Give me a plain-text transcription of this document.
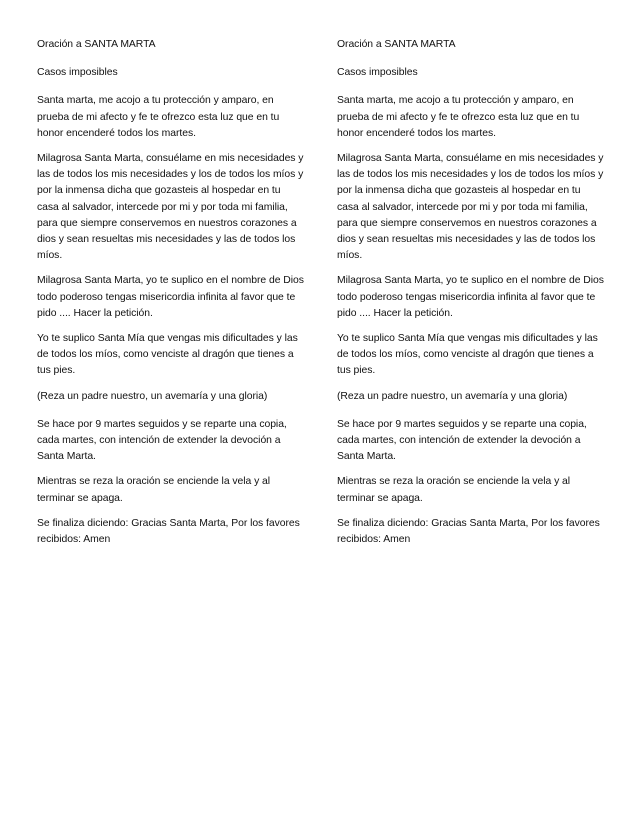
Oración a SANTA MARTA

Casos imposibles

Santa marta, me acojo a tu protección y amparo, en prueba de mi afecto y fe te ofrezco esta luz que en tu honor encenderé todos los martes.

Milagrosa Santa Marta, consuélame en mis necesidades y las de todos los mis necesidades y los de todos los míos y por la inmensa dicha que gozasteis al hospedar en tu casa al salvador, intercede por mi y por toda mi familia, para que siempre conservemos en nuestros corazones a dios y sean resueltas mis necesidades y las de todos los míos.

Milagrosa Santa Marta, yo te suplico en el nombre de Dios todo poderoso tengas misericordia infinita al favor que te pido .... Hacer la petición.

Yo te suplico Santa Mía que vengas mis dificultades y las de todos los míos, como venciste al dragón que tienes a tus pies.

(Reza un padre nuestro, un avemaría y una gloria)

Se hace por 9 martes seguidos y se reparte una copia, cada martes, con intención de extender la devoción a Santa Marta.

Mientras se reza la oración se enciende la vela y al terminar se apaga.

Se finaliza diciendo: Gracias Santa Marta, Por los favores recibidos: Amen

Oración a SANTA MARTA

Casos imposibles

Santa marta, me acojo a tu protección y amparo, en prueba de mi afecto y fe te ofrezco esta luz que en tu honor encenderé todos los martes.

Milagrosa Santa Marta, consuélame en mis necesidades y las de todos los mis necesidades y los de todos los míos y por la inmensa dicha que gozasteis al hospedar en tu casa al salvador, intercede por mi y por toda mi familia, para que siempre conservemos en nuestros corazones a dios y sean resueltas mis necesidades y las de todos los míos.

Milagrosa Santa Marta, yo te suplico en el nombre de Dios todo poderoso tengas misericordia infinita al favor que te pido .... Hacer la petición.

Yo te suplico Santa Mía que vengas mis dificultades y las de todos los míos, como venciste al dragón que tienes a tus pies.

(Reza un padre nuestro, un avemaría y una gloria)

Se hace por 9 martes seguidos y se reparte una copia, cada martes, con intención de extender la devoción a Santa Marta.

Mientras se reza la oración se enciende la vela y al terminar se apaga.

Se finaliza diciendo: Gracias Santa Marta, Por los favores recibidos: Amen
